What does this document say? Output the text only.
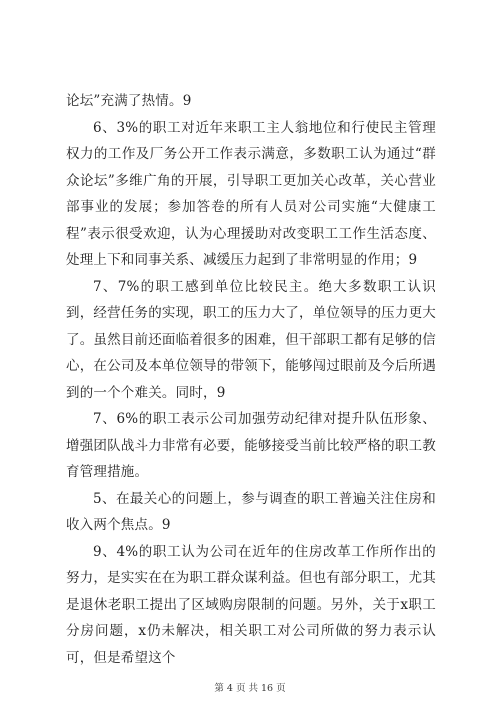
论坛”充满了热情。9

6、3%的职工对近年来职工主人翁地位和行使民主管理权力的工作及厂务公开工作表示满意，多数职工认为通过“群众论坛”多维广角的开展，引导职工更加关心改革，关心营业部事业的发展；参加答卷的所有人员对公司实施“大健康工程”表示很受欢迎，认为心理援助对改变职工工作生活态度、处理上下和同事关系、减缓压力起到了非常明显的作用；9

7、7%的职工感到单位比较民主。绝大多数职工认识到，经营任务的实现，职工的压力大了，单位领导的压力更大了。虽然目前还面临着很多的困难，但干部职工都有足够的信心，在公司及本单位领导的带领下，能够闯过眼前及今后所遇到的一个个难关。同时，9

7、6%的职工表示公司加强劳动纪律对提升队伍形象、增强团队战斗力非常有必要，能够接受当前比较严格的职工教育管理措施。

5、在最关心的问题上，参与调查的职工普遍关注住房和收入两个焦点。9

9、4%的职工认为公司在近年的住房改革工作所作出的努力，是实实在在为职工群众谋利益。但也有部分职工，尤其是退休老职工提出了区域购房限制的问题。另外，关于x职工分房问题，x仍未解决，相关职工对公司所做的努力表示认可，但是希望这个

第 4 页 共 16 页
